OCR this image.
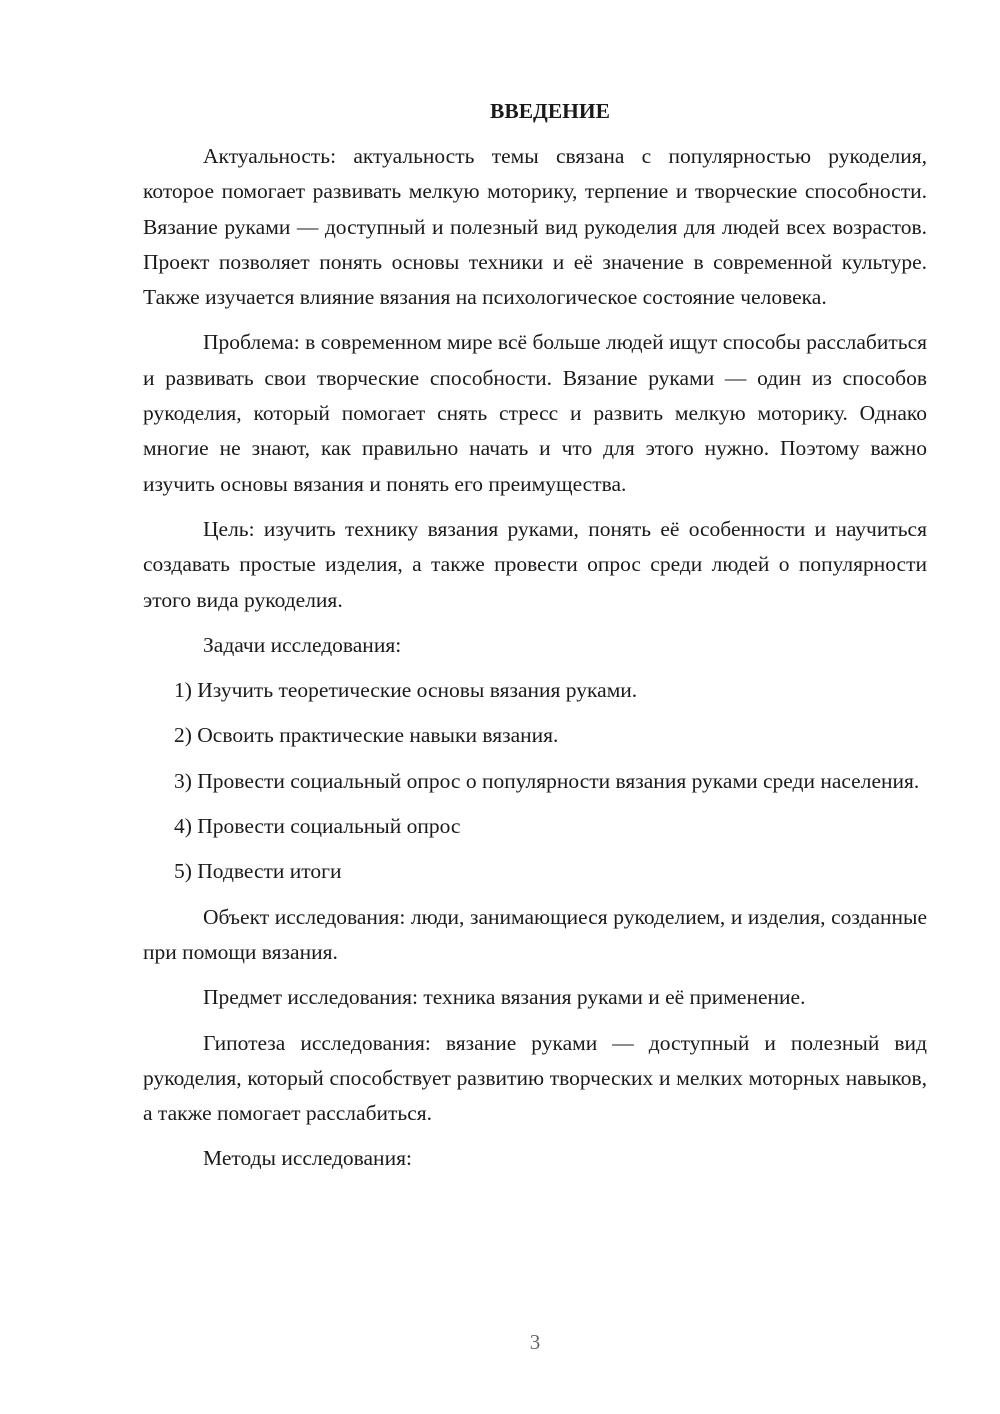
ВВЕДЕНИЕ

Актуальность: актуальность темы связана с популярностью рукоделия, которое помогает развивать мелкую моторику, терпение и творческие способности. Вязание руками — доступный и полезный вид рукоделия для людей всех возрастов. Проект позволяет понять основы техники и её значение в современной культуре. Также изучается влияние вязания на психологическое состояние человека.

Проблема: в современном мире всё больше людей ищут способы расслабиться и развивать свои творческие способности. Вязание руками — один из способов рукоделия, который помогает снять стресс и развить мелкую моторику. Однако многие не знают, как правильно начать и что для этого нужно. Поэтому важно изучить основы вязания и понять его преимущества.

Цель: изучить технику вязания руками, понять её особенности и научиться создавать простые изделия, а также провести опрос среди людей о популярности этого вида рукоделия.

Задачи исследования:

1) Изучить теоретические основы вязания руками.

2) Освоить практические навыки вязания.

3) Провести социальный опрос о популярности вязания руками среди населения.

4) Провести социальный опрос

5) Подвести итоги

Объект исследования: люди, занимающиеся рукоделием, и изделия, созданные при помощи вязания.

Предмет исследования: техника вязания руками и её применение.

Гипотеза исследования: вязание руками — доступный и полезный вид рукоделия, который способствует развитию творческих и мелких моторных навыков, а также помогает расслабиться.

Методы исследования:

3
